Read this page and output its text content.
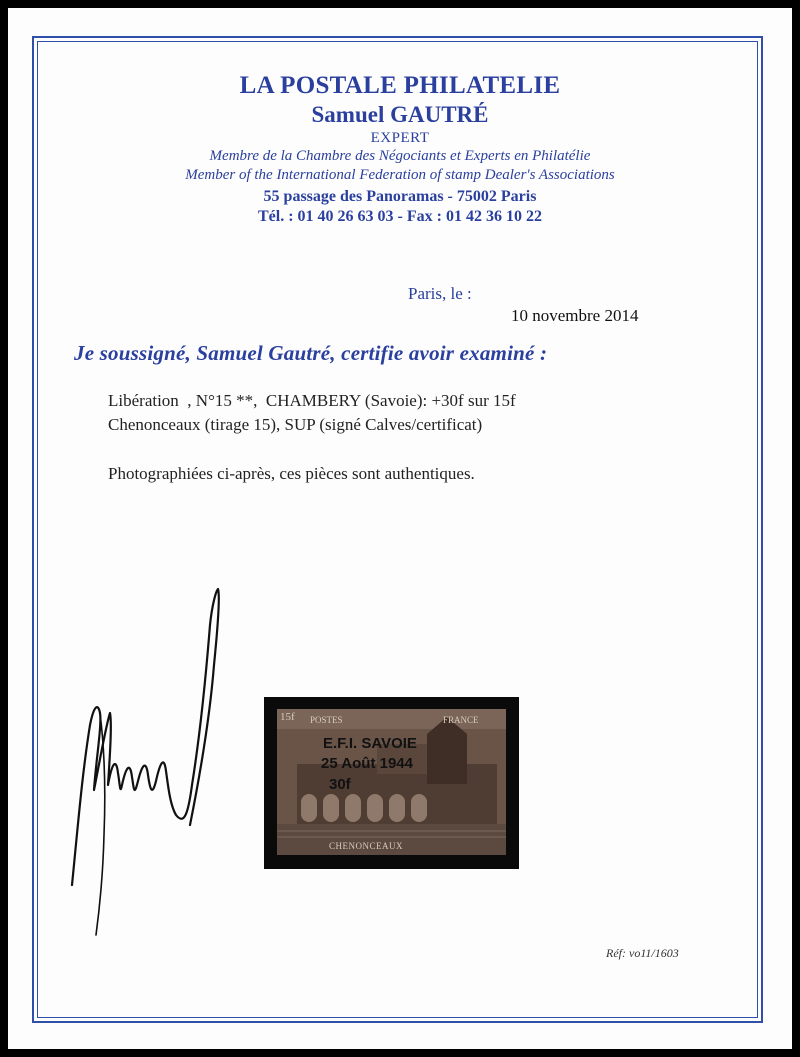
LA POSTALE PHILATELIE
Samuel GAUTRÉ
EXPERT
Membre de la Chambre des Négociants et Experts en Philatélie
Member of the International Federation of stamp Dealer's Associations
55 passage des Panoramas - 75002 Paris
Tél. : 01 40 26 63 03 - Fax : 01 42 36 10 22
Paris, le :
10 novembre 2014
Je soussigné, Samuel Gautré, certifie avoir examiné :
Libération  , N°15 **,  CHAMBERY (Savoie): +30f sur 15f
Chenonceaux (tirage 15), SUP (signé Calves/certificat)
Photographiées ci-après, ces pièces sont authentiques.
15f POSTES	FRANCE
E.F.I. SAVOIE
25 Août 1944
30f
CHENONCEAUX
Réf: vo11/1603
